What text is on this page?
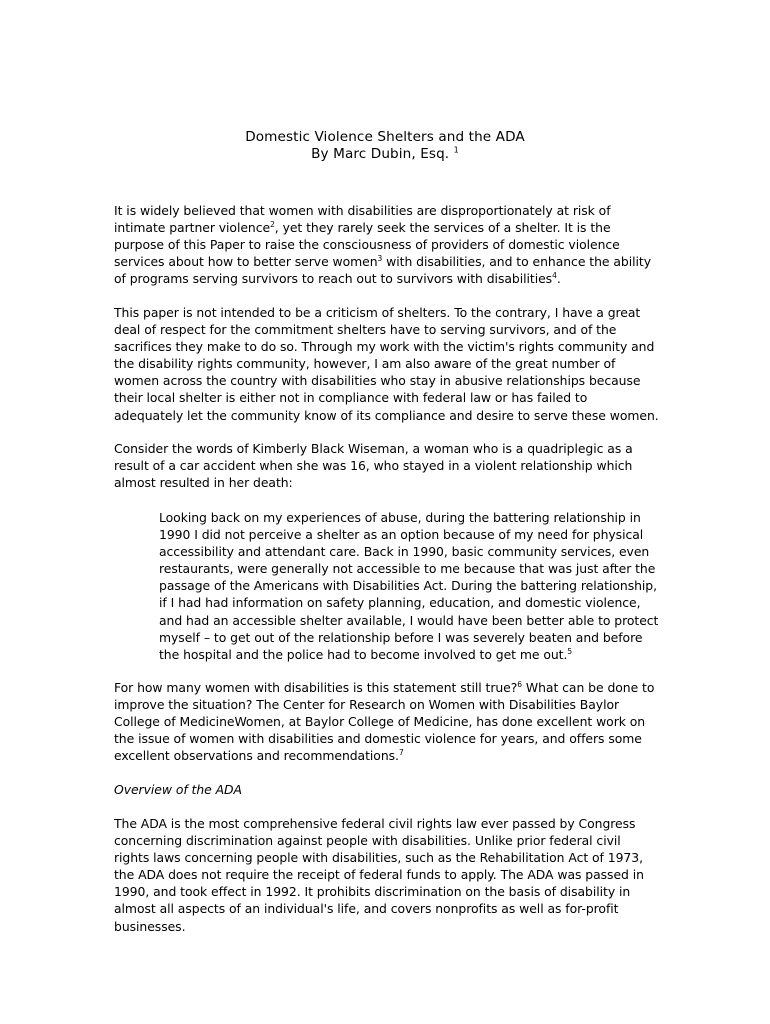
Domestic Violence Shelters and the ADA
By Marc Dubin, Esq. $^1$

It is widely believed that women with disabilities are disproportionately at risk of intimate partner violence$^2$, yet they rarely seek the services of a shelter. It is the purpose of this Paper to raise the consciousness of providers of domestic violence services about how to better serve women$^3$ with disabilities, and to enhance the ability of programs serving survivors to reach out to survivors with disabilities$^4$.

This paper is not intended to be a criticism of shelters. To the contrary, I have a great deal of respect for the commitment shelters have to serving survivors, and of the sacrifices they make to do so. Through my work with the victim's rights community and the disability rights community, however, I am also aware of the great number of women across the country with disabilities who stay in abusive relationships because their local shelter is either not in compliance with federal law or has failed to adequately let the community know of its compliance and desire to serve these women.

Consider the words of Kimberly Black Wiseman, a woman who is a quadriplegic as a result of a car accident when she was 16, who stayed in a violent relationship which almost resulted in her death:

Looking back on my experiences of abuse, during the battering relationship in 1990 I did not perceive a shelter as an option because of my need for physical accessibility and attendant care. Back in 1990, basic community services, even restaurants, were generally not accessible to me because that was just after the passage of the Americans with Disabilities Act. During the battering relationship, if I had had information on safety planning, education, and domestic violence, and had an accessible shelter available, I would have been better able to protect myself – to get out of the relationship before I was severely beaten and before the hospital and the police had to become involved to get me out.$^5$

For how many women with disabilities is this statement still true?$^6$ What can be done to improve the situation? The Center for Research on Women with Disabilities Baylor College of MedicineWomen, at Baylor College of Medicine, has done excellent work on the issue of women with disabilities and domestic violence for years, and offers some excellent observations and recommendations.$^7$

Overview of the ADA

The ADA is the most comprehensive federal civil rights law ever passed by Congress concerning discrimination against people with disabilities. Unlike prior federal civil rights laws concerning people with disabilities, such as the Rehabilitation Act of 1973, the ADA does not require the receipt of federal funds to apply. The ADA was passed in 1990, and took effect in 1992. It prohibits discrimination on the basis of disability in almost all aspects of an individual's life, and covers nonprofits as well as for-profit businesses.
